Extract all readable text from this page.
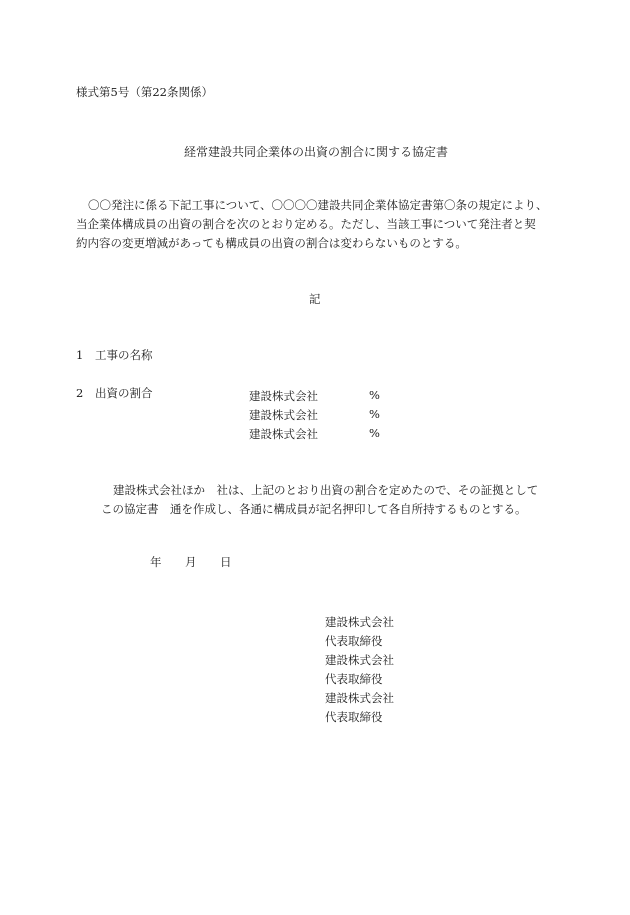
様式第5号（第22条関係）
経常建設共同企業体の出資の割合に関する協定書

〇〇発注に係る下記工事について、〇〇〇〇建設共同企業体協定書第〇条の規定により、

当企業体構成員の出資の割合を次のとおり定める。ただし、当該工事について発注者と契

約内容の変更増減があっても構成員の出資の割合は変わらないものとする。

記
1 工事の名称
2 出資の割合	建設株式会社	%
建設株式会社	%
建設株式会社	%

建設株式会社ほか　社は、上記のとおり出資の割合を定めたので、その証拠として

この協定書　通を作成し、各通に構成員が記名押印して各自所持するものとする。

年 月 日
建設株式会社
代表取締役
建設株式会社
代表取締役
建設株式会社
代表取締役
